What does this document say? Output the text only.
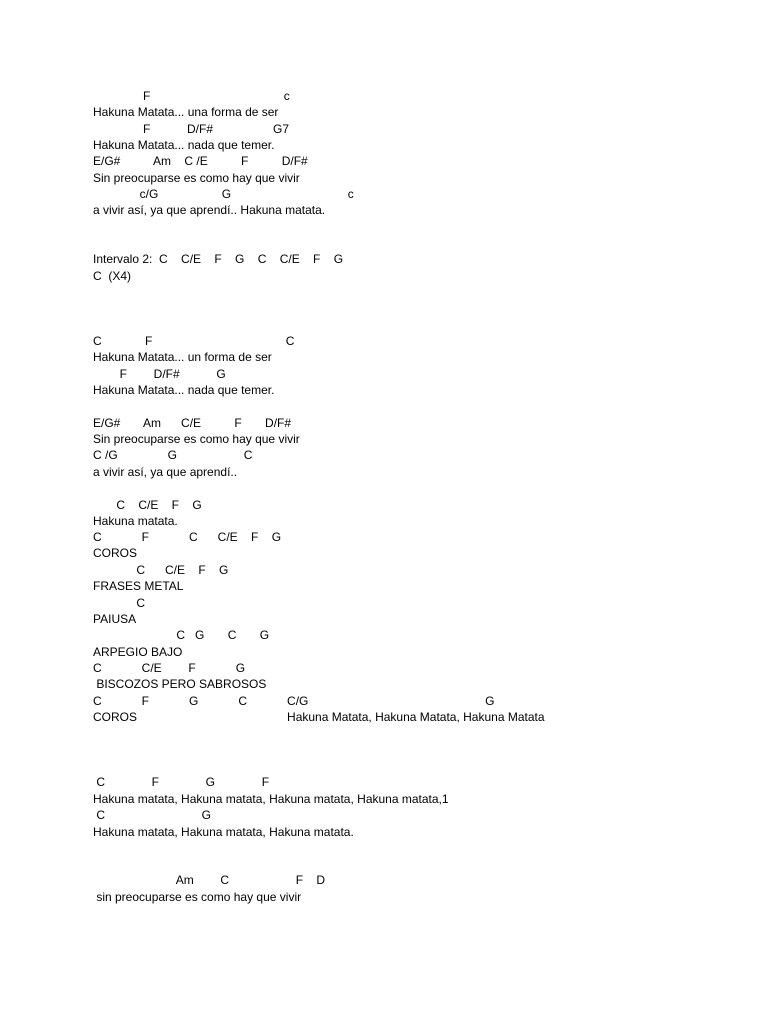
F                                        c
Hakuna Matata... una forma de ser
F           D/F#                  G7
Hakuna Matata... nada que temer.
E/G#          Am    C /E          F          D/F#
Sin preocuparse es como hay que vivir
c/G                   G                                   c
a vivir así, ya que aprendí.. Hakuna matata.
Intervalo 2:  C    C/E    F    G    C    C/E    F    G
C  (X4)
C             F                                        C
Hakuna Matata... un forma de ser
F        D/F#           G
Hakuna Matata... nada que temer.
E/G#       Am      C/E          F       D/F#
Sin preocuparse es como hay que vivir
C /G               G                    C
a vivir así, ya que aprendí..
C    C/E    F    G
Hakuna matata.
C            F            C      C/E    F    G
COROS
C      C/E    F    G
FRASES METAL
C
PAIUSA
C   G       C       G
ARPEGIO BAJO
C            C/E        F            G
BISCOZOS PERO SABROSOS
C            F            G            C            C/G                                                     G
COROS                                             Hakuna Matata, Hakuna Matata, Hakuna Matata
C              F              G              F
Hakuna matata, Hakuna matata, Hakuna matata, Hakuna matata,1
C                             G
Hakuna matata, Hakuna matata, Hakuna matata.
Am        C                    F    D
sin preocuparse es como hay que vivir
